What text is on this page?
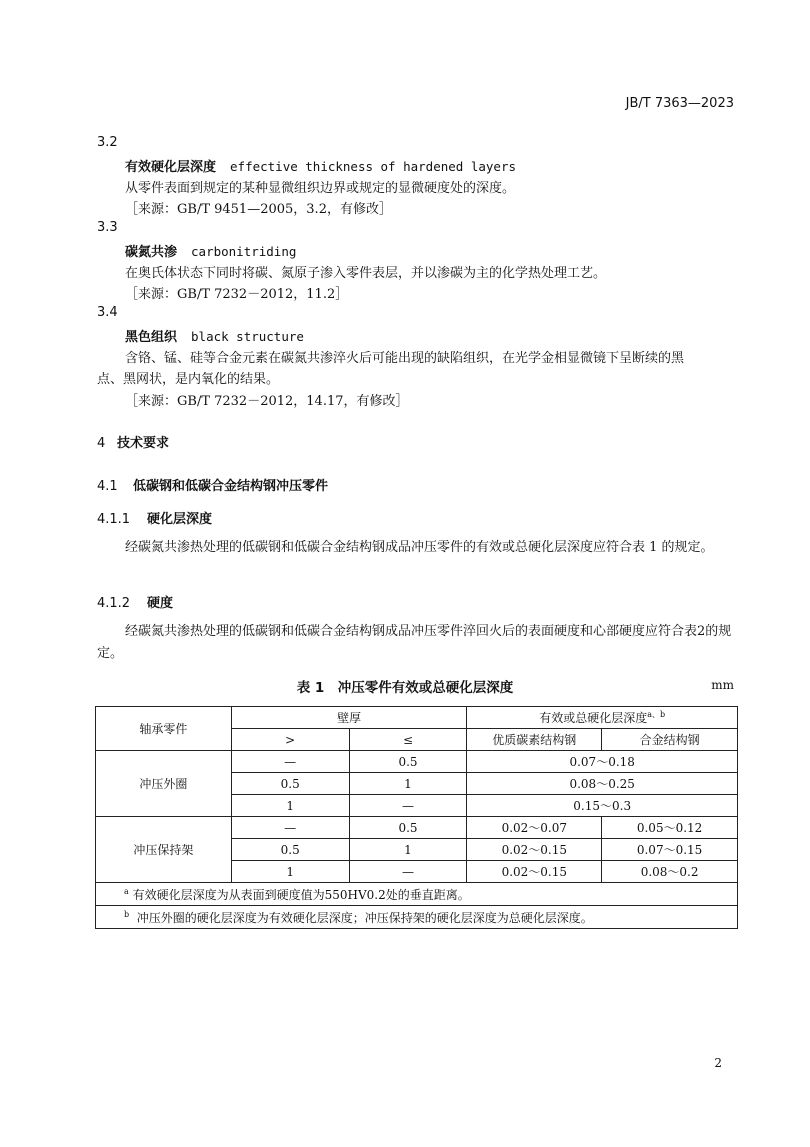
JB/T 7363—2023
3.2
有效硬化层深度 effective thickness of hardened layers
从零件表面到规定的某种显微组织边界或规定的显微硬度处的深度。
［来源：GB/T 9451—2005，3.2，有修改］
3.3
碳氮共渗 carbonitriding
在奥氏体状态下同时将碳、氮原子渗入零件表层，并以渗碳为主的化学热处理工艺。
［来源：GB/T 7232－2012，11.2］
3.4
黑色组织 black structure
含铬、锰、硅等合金元素在碳氮共渗淬火后可能出现的缺陷组织，在光学金相显微镜下呈断续的黑
点、黑网状，是内氧化的结果。
［来源：GB/T 7232－2012，14.17，有修改］
4 技术要求
4.1 低碳钢和低碳合金结构钢冲压零件
4.1.1 硬化层深度
经碳氮共渗热处理的低碳钢和低碳合金结构钢成品冲压零件的有效或总硬化层深度应符合表 1 的规定。
4.1.2 硬度
经碳氮共渗热处理的低碳钢和低碳合金结构钢成品冲压零件淬回火后的表面硬度和心部硬度应符合表2的规定。
表 1　冲压零件有效或总硬化层深度	mm
轴承零件	壁厚		有效或总硬化层深度$^{a、b}$
	>	≤	优质碳素结构钢	合金结构钢
冲压外圈	—	0.5	0.07～0.18	
	0.5	1	0.08～0.25	
	1	—	0.15～0.3	
冲压保持架	—	0.5	0.02～0.07	0.05～0.12
	0.5	1	0.02～0.15	0.07～0.15
	1	—	0.02～0.15	0.08～0.2
$^a$ 有效硬化层深度为从表面到硬度值为550HV0.2处的垂直距离。				
$^b$ 冲压外圈的硬化层深度为有效硬化层深度；冲压保持架的硬化层深度为总硬化层深度。				
2
